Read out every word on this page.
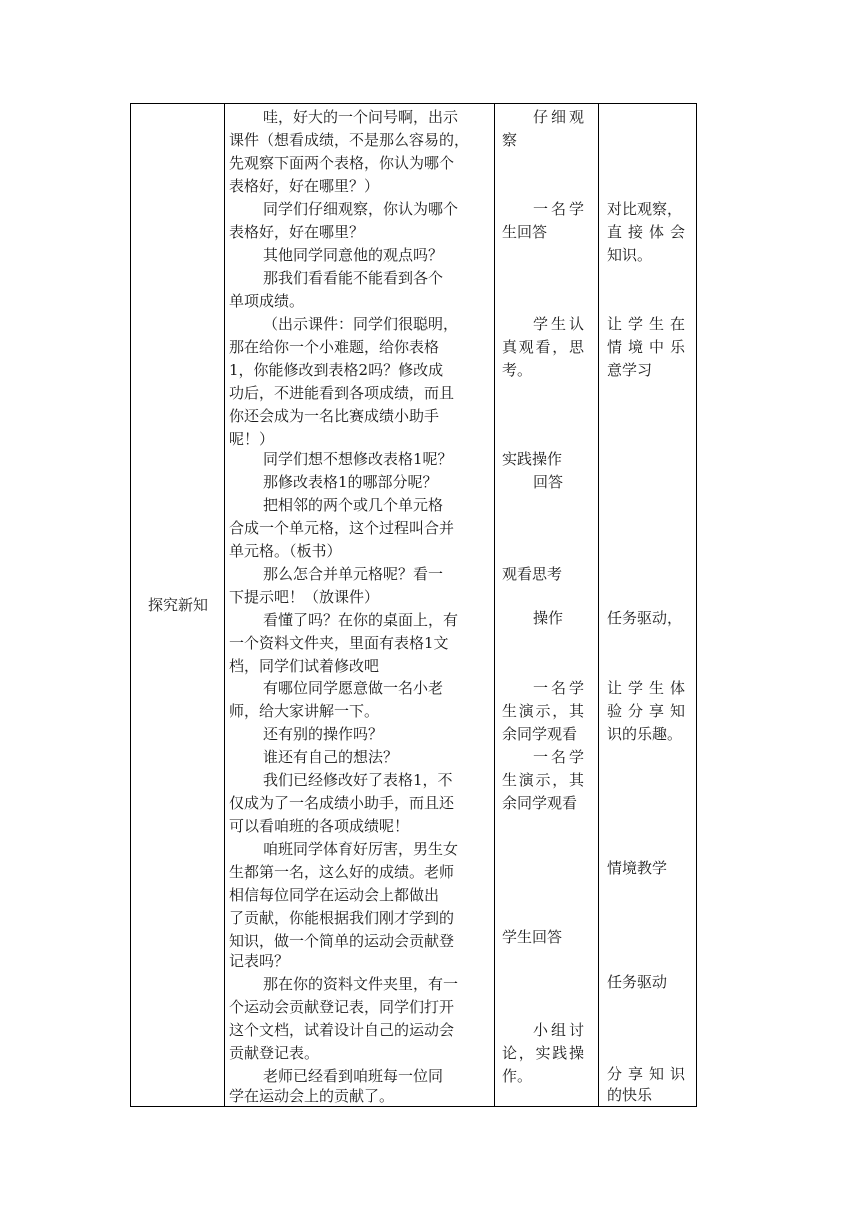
探究新知
哇，好大的一个问号啊，出示
课件（想看成绩，不是那么容易的，
先观察下面两个表格，你认为哪个
表格好，好在哪里？）
同学们仔细观察，你认为哪个
表格好，好在哪里？
其他同学同意他的观点吗？
那我们看看能不能看到各个
单项成绩。
（出示课件：同学们很聪明，
那在给你一个小难题，给你表格
1，你能修改到表格2吗？修改成
功后，不进能看到各项成绩，而且
你还会成为一名比赛成绩小助手
呢！）
同学们想不想修改表格1呢？
那修改表格1的哪部分呢？
把相邻的两个或几个单元格
合成一个单元格，这个过程叫合并
单元格。（板书）
那么怎合并单元格呢？看一
下提示吧！（放课件）
看懂了吗？在你的桌面上，有
一个资料文件夹，里面有表格1文
档，同学们试着修改吧
有哪位同学愿意做一名小老
师，给大家讲解一下。
还有别的操作吗？
谁还有自己的想法？
我们已经修改好了表格1，不
仅成为了一名成绩小助手，而且还
可以看咱班的各项成绩呢！
咱班同学体育好厉害，男生女
生都第一名，这么好的成绩。老师
相信每位同学在运动会上都做出
了贡献，你能根据我们刚才学到的
知识，做一个简单的运动会贡献登
记表吗？
那在你的资料文件夹里，有一
个运动会贡献登记表，同学们打开
这个文档，试着设计自己的运动会
贡献登记表。
老师已经看到咱班每一位同
学在运动会上的贡献了。
仔细观
察
一名学
生回答
学生认
真观看，思
考。
实践操作
回答
观看思考
操作
一名学
生演示，其
余同学观看
一名学
生演示，其
余同学观看
学生回答
小组讨
论，实践操
作。
对比观察，
直接体会
知识。
让学生在
情境中乐
意学习
任务驱动，
让学生体
验分享知
识的乐趣。
情境教学
任务驱动
分享知识
的快乐
